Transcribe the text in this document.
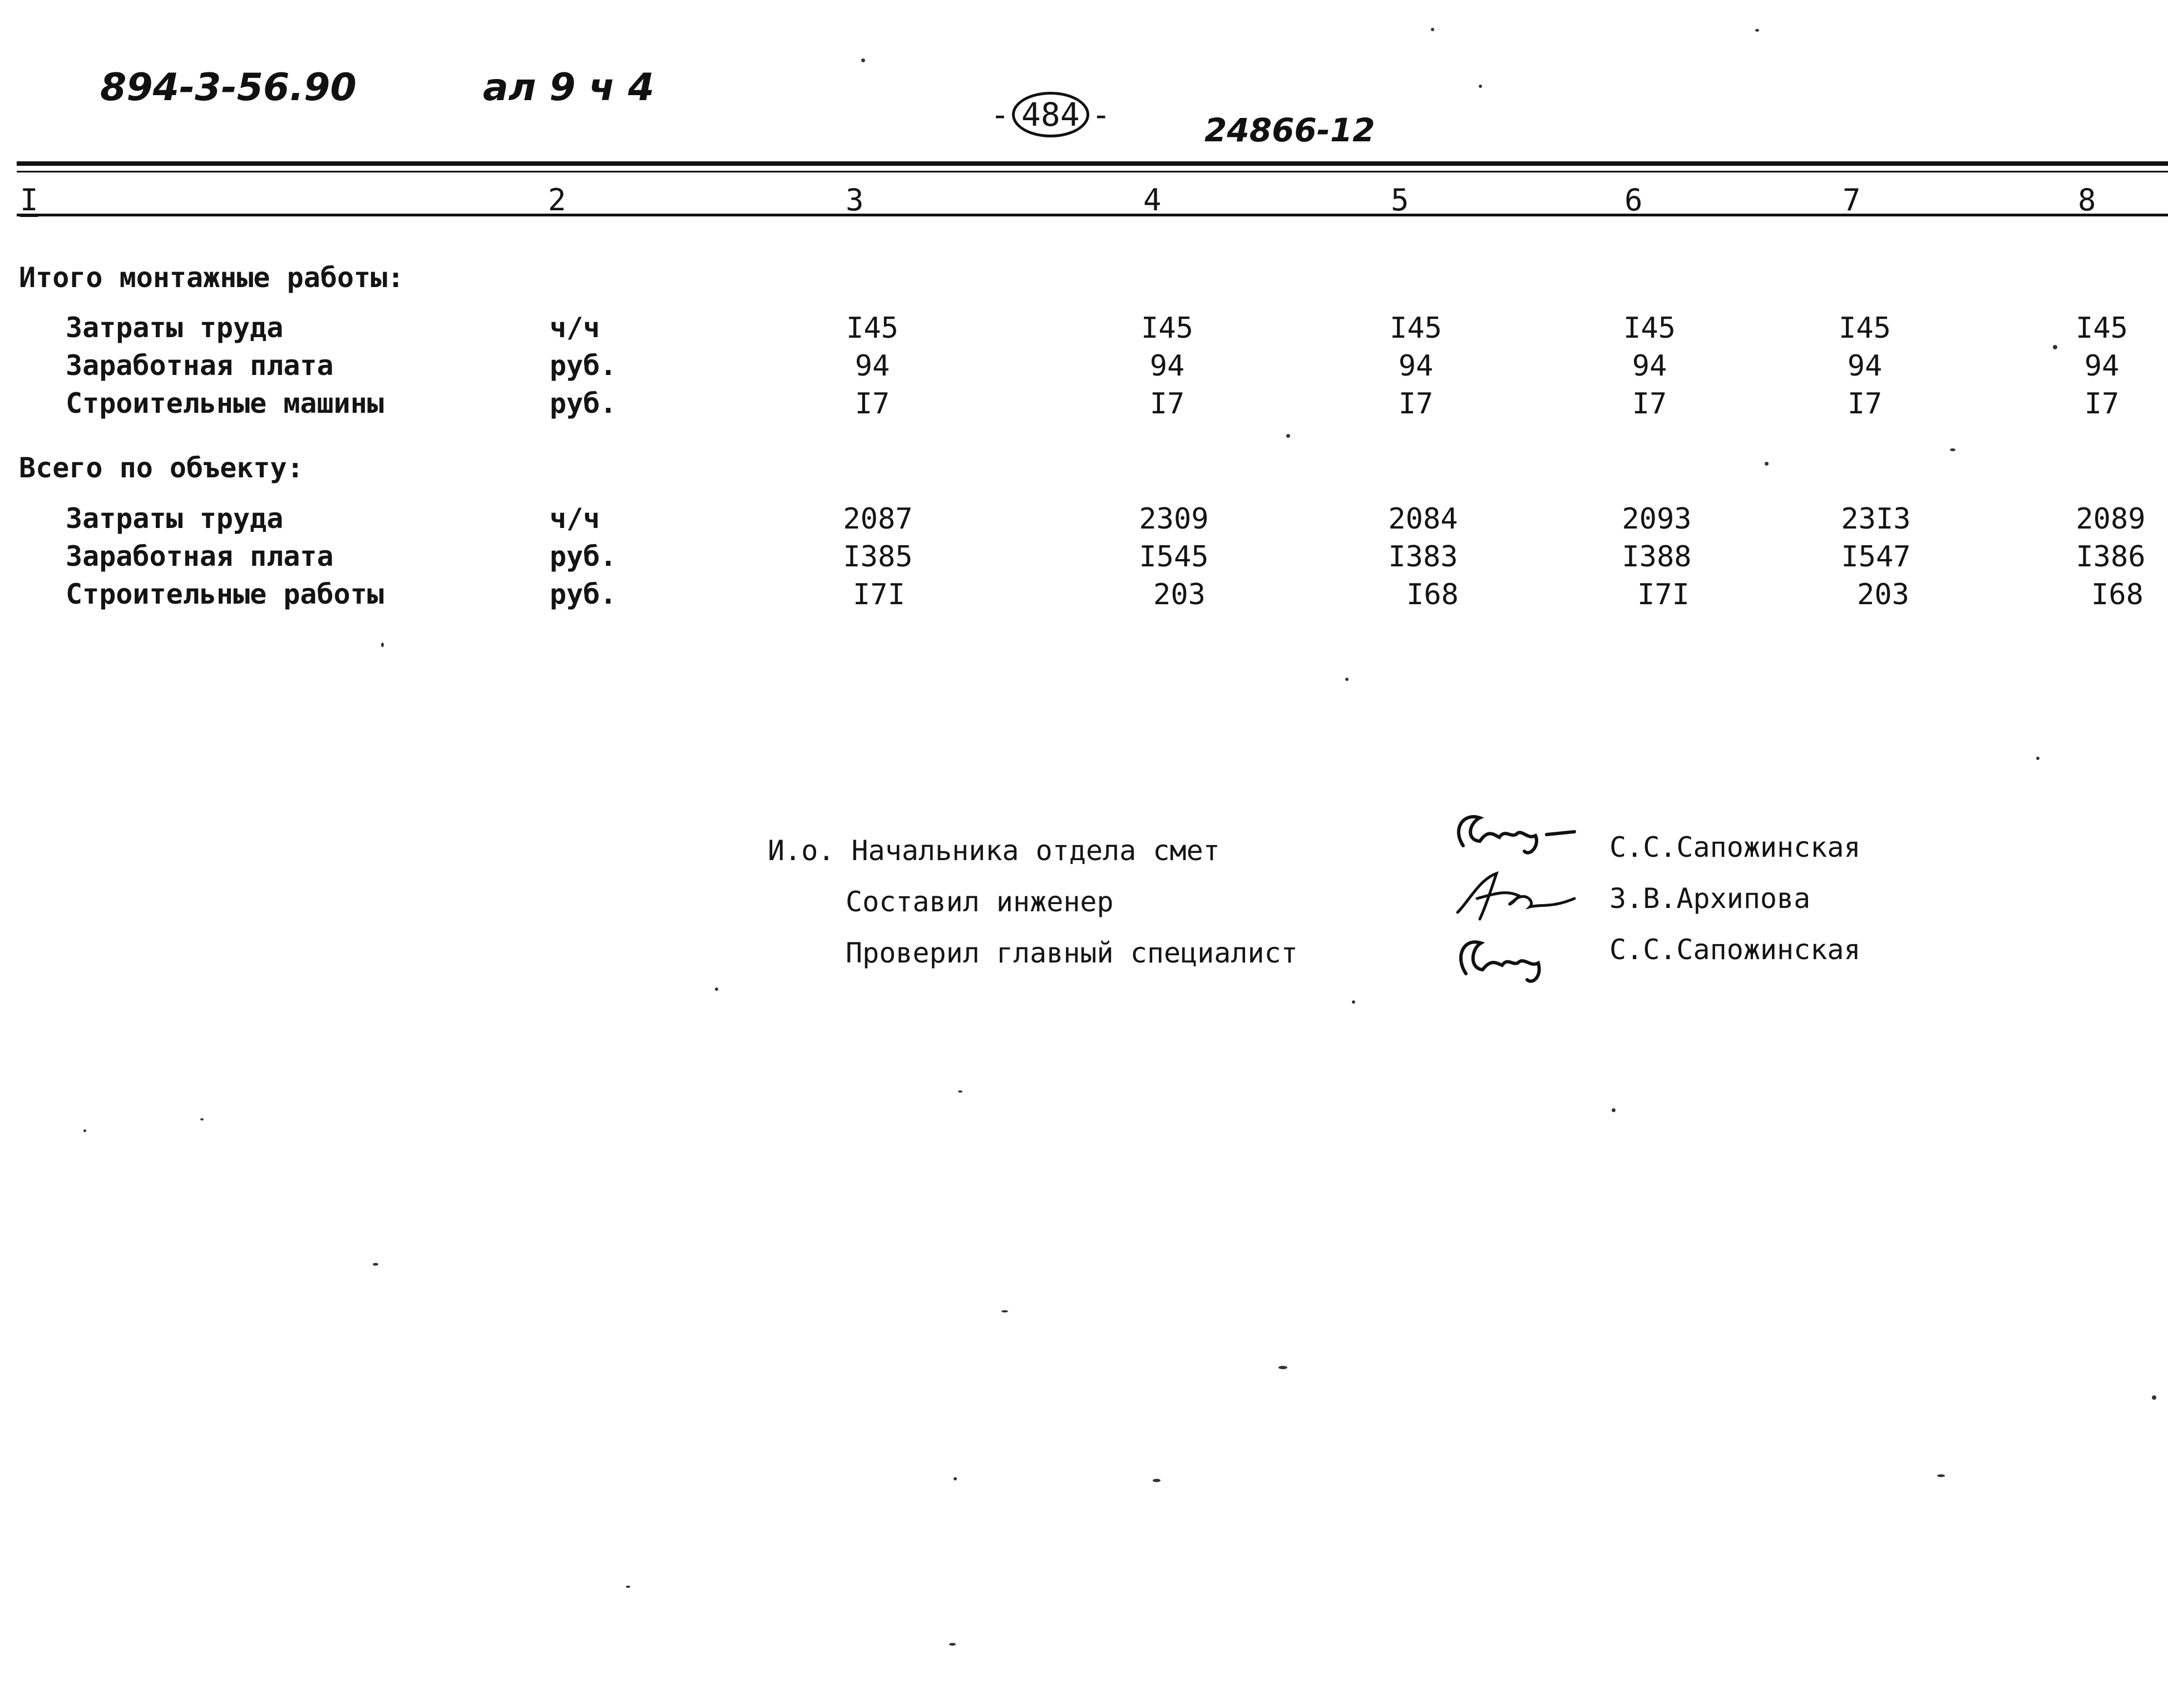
894-3-56.90	ал 9 ч 4
- 484 -	24866-12
I	2	3	4	5	6	7	8
Итого монтажные работы:
Затраты труда	ч/ч	I45	I45	I45	I45	I45	I45
Заработная плата	руб.	94	94	94	94	94	94
Строительные машины	руб.	I7	I7	I7	I7	I7	I7
Всего по объекту:
Затраты труда	ч/ч	2087	2309	2084	2093	23I3	2089
Заработная плата	руб.	I385	I545	I383	I388	I547	I386
Строительные работы	руб.	I7I	203	I68	I7I	203	I68
И.о. Начальника отдела смет
Составил инженер
Проверил главный специалист
С.С.Сапожинская
З.В.Архипова
С.С.Сапожинская
